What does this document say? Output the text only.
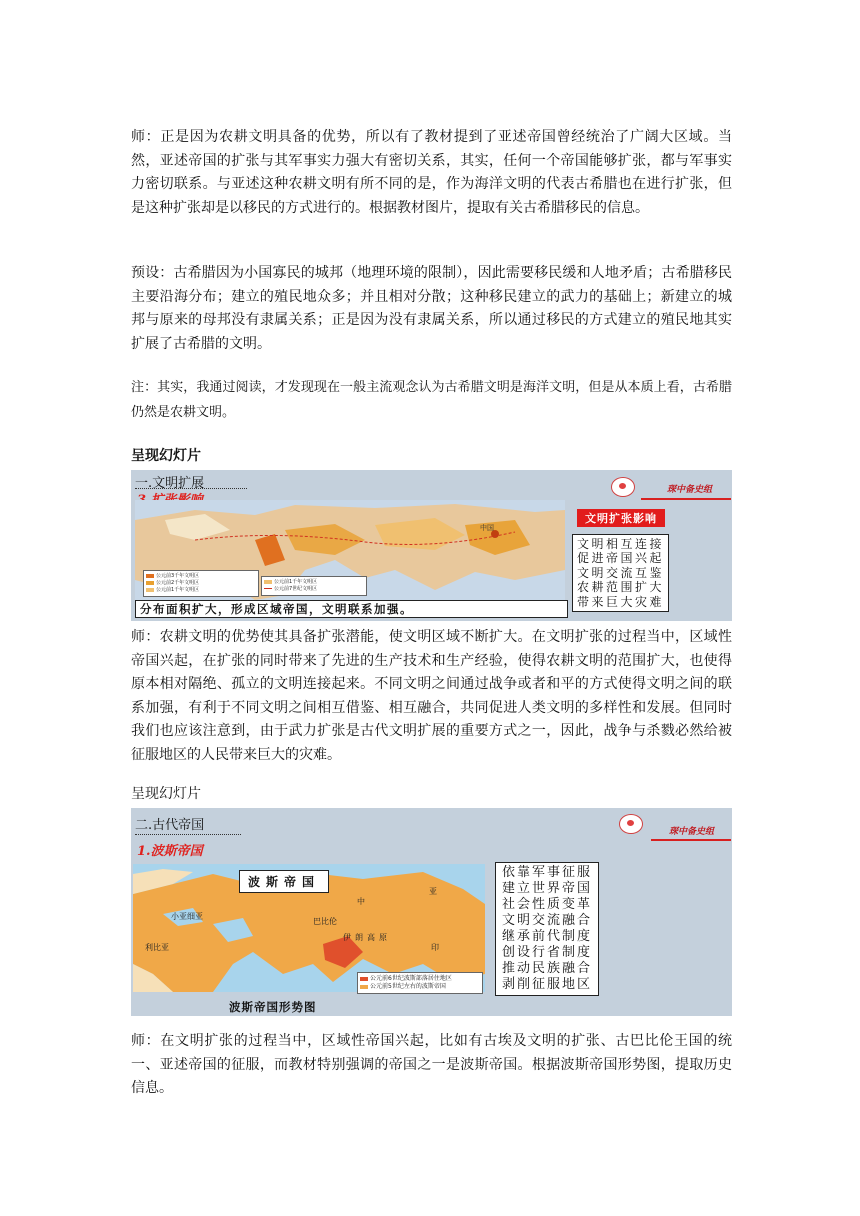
师：正是因为农耕文明具备的优势，所以有了教材提到了亚述帝国曾经统治了广阔大区域。当然，亚述帝国的扩张与其军事实力强大有密切关系，其实，任何一个帝国能够扩张，都与军事实力密切联系。与亚述这种农耕文明有所不同的是，作为海洋文明的代表古希腊也在进行扩张，但是这种扩张却是以移民的方式进行的。根据教材图片，提取有关古希腊移民的信息。

预设：古希腊因为小国寡民的城邦（地理环境的限制），因此需要移民缓和人地矛盾；古希腊移民主要沿海分布；建立的殖民地众多；并且相对分散；这种移民建立的武力的基础上；新建立的城邦与原来的母邦没有隶属关系；正是因为没有隶属关系，所以通过移民的方式建立的殖民地其实扩展了古希腊的文明。

注：其实，我通过阅读，才发现现在一般主流观念认为古希腊文明是海洋文明，但是从本质上看，古希腊仍然是农耕文明。

呈现幻灯片
一.文明扩展	琛中备史组
中国
公元前3千年文明区
公元前2千年文明区
公元前1千年文明区
公元前1千年文明区
公元前7世纪文明区
文明扩张影响
文明相互连接
促进帝国兴起
文明交流互鉴
农耕范围扩大
带来巨大灾难
分布面积扩大，形成区域帝国，文明联系加强。

师：农耕文明的优势使其具备扩张潜能，使文明区域不断扩大。在文明扩张的过程当中，区域性帝国兴起，在扩张的同时带来了先进的生产技术和生产经验，使得农耕文明的范围扩大，也使得原本相对隔绝、孤立的文明连接起来。不同文明之间通过战争或者和平的方式使得文明之间的联系加强，有利于不同文明之间相互借鉴、相互融合，共同促进人类文明的多样性和发展。但同时我们也应该注意到，由于武力扩张是古代文明扩展的重要方式之一，因此，战争与杀戮必然给被征服地区的人民带来巨大的灾难。

呈现幻灯片
二.古代帝国
1.波斯帝国
琛中备史组
波斯帝国
小亚细亚
巴比伦
利比亚
伊朗高原
亚
中
印
公元前6世纪波斯部落居住地区
公元前5世纪左右的波斯帝国
波斯帝国形势图
依靠军事征服
建立世界帝国
社会性质变革
文明交流融合
继承前代制度
创设行省制度
推动民族融合
剥削征服地区

师：在文明扩张的过程当中，区域性帝国兴起，比如有古埃及文明的扩张、古巴比伦王国的统一、亚述帝国的征服，而教材特别强调的帝国之一是波斯帝国。根据波斯帝国形势图，提取历史信息。
